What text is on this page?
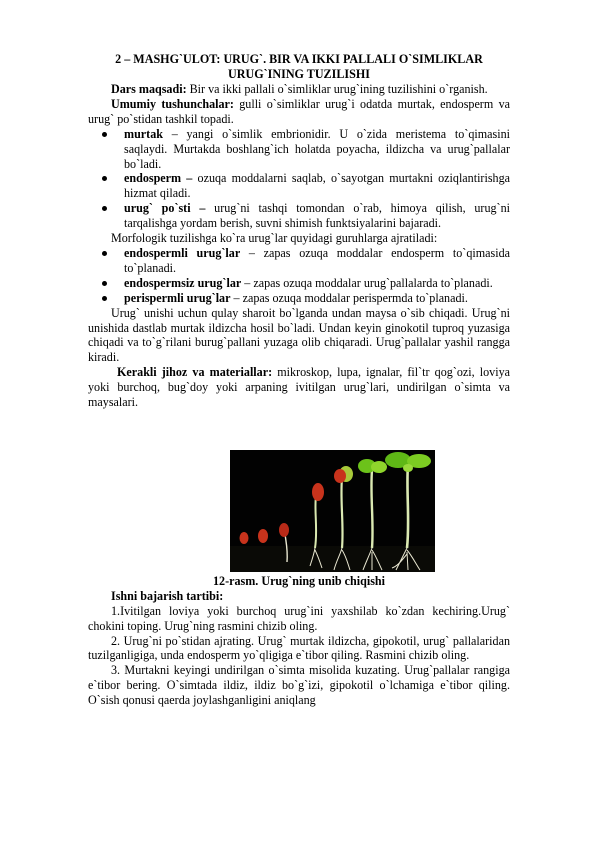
2 – MASHG`ULOT: URUG`. BIR VA IKKI PALLALI O`SIMLIKLAR
URUG`INING TUZILISHI

Dars maqsadi: Bir va ikki pallali o`simliklar urug`ining tuzilishini o`rganish.

Umumiy tushunchalar: gulli o`simliklar urug`i odatda murtak, endosperm va urug` po`stidan tashkil topadi.

murtak – yangi o`simlik embrionidir. U o`zida meristema to`qimasini saqlaydi. Murtakda boshlang`ich holatda poyacha, ildizcha va urug`pallalar bo`ladi.
endosperm – ozuqa moddalarni saqlab, o`sayotgan murtakni oziqlantirishga hizmat qiladi.
urug` po`sti – urug`ni tashqi tomondan o`rab, himoya qilish, urug`ni tarqalishga yordam berish, suvni shimish funktsiyalarini bajaradi.

Morfologik tuzilishga ko`ra urug`lar quyidagi guruhlarga ajratiladi:

endospermli urug`lar – zapas ozuqa moddalar endosperm to`qimasida to`planadi.
endospermsiz urug`lar – zapas ozuqa moddalar urug`pallalarda to`planadi.
perispermli urug`lar – zapas ozuqa moddalar perispermda to`planadi.

Urug` unishi uchun qulay sharoit bo`lganda undan maysa o`sib chiqadi. Urug`ni unishida dastlab murtak ildizcha hosil bo`ladi. Undan keyin ginokotil tuproq yuzasiga chiqadi va to`g`rilani burug`pallani yuzaga olib chiqaradi. Urug`pallalar yashil rangga kiradi.

Kerakli jihoz va materiallar: mikroskop, lupa, ignalar, fil`tr qog`ozi, loviya yoki burchoq, bug`doy yoki arpaning ivitilgan urug`lari, undirilgan o`simta va maysalari.

12-rasm. Urug`ning unib chiqishi

Ishni bajarish tartibi:

1.Ivitilgan loviya yoki burchoq urug`ini yaxshilab ko`zdan kechiring.Urug` chokini toping. Urug`ning rasmini chizib oling.

2. Urug`ni po`stidan ajrating. Urug` murtak ildizcha, gipokotil, urug` pallalaridan tuzilganligiga, unda endosperm yo`qligiga e`tibor qiling. Rasmini chizib oling.

3. Murtakni keyingi undirilgan o`simta misolida kuzating. Urug`pallalar rangiga e`tibor bering. O`simtada ildiz, ildiz bo`g`izi, gipokotil o`lchamiga e`tibor qiling. O`sish qonusi qaerda joylashganligini aniqlang
